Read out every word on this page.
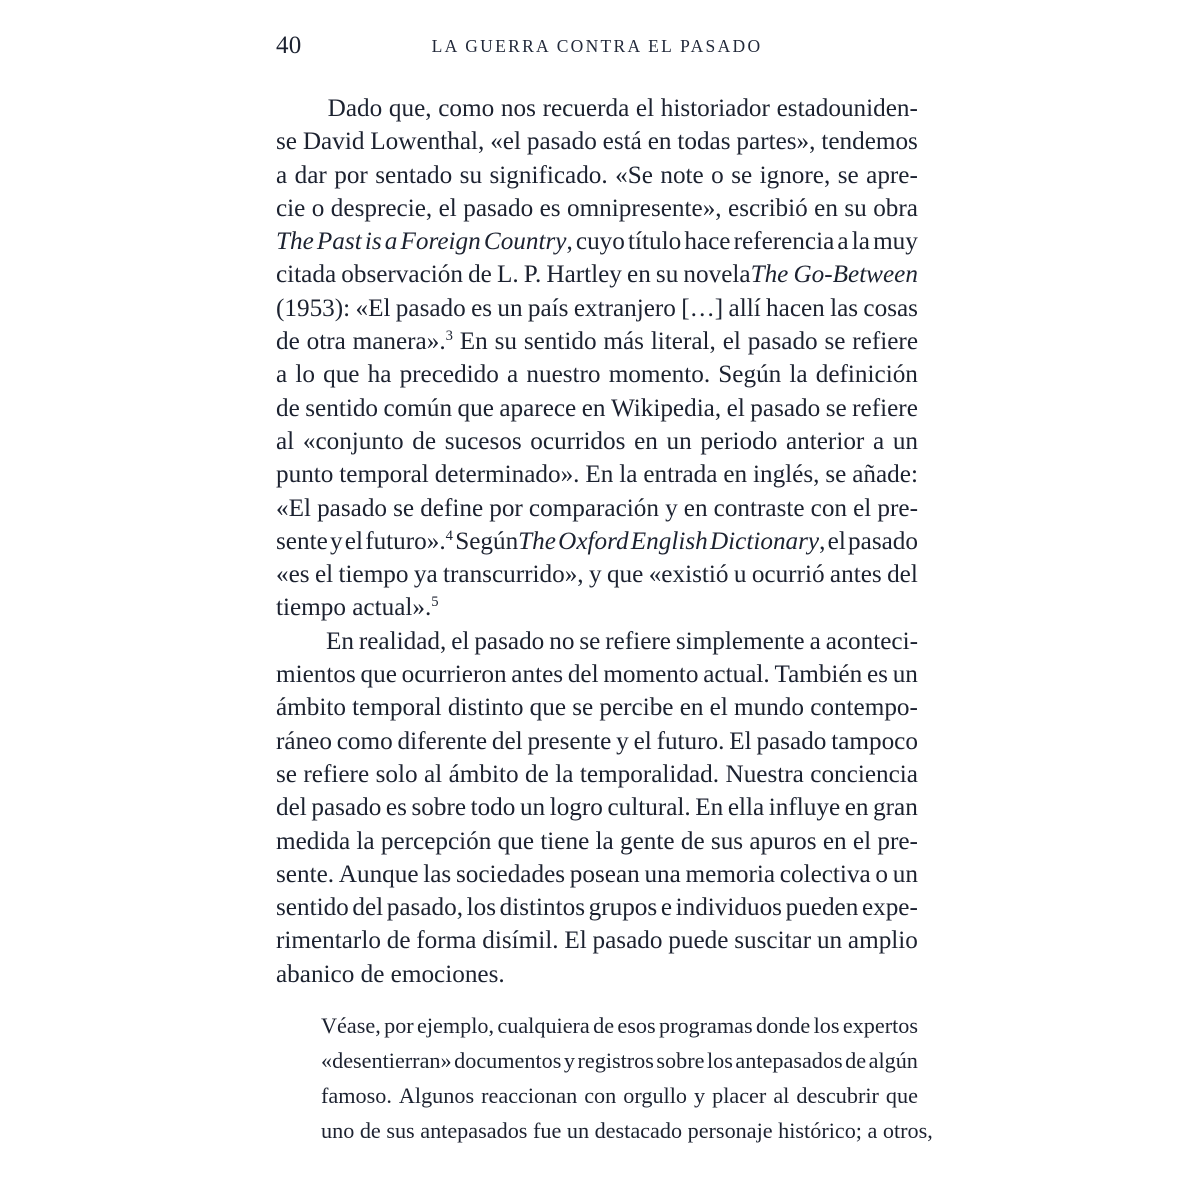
40	LA GUERRA CONTRA EL PASADO
Dado que, como nos recuerda el historiador estadouniden-
se David Lowenthal, «el pasado está en todas partes», tendemos
a dar por sentado su significado. «Se note o se ignore, se apre-
cie o desprecie, el pasado es omnipresente», escribió en su obra
The Past is a Foreign Country, cuyo título hace referencia a la muy
citada observación de L. P. Hartley en su novelaThe Go-Between
(1953): «El pasado es un país extranjero […] allí hacen las cosas
de otra manera».$^3$ En su sentido más literal, el pasado se refiere
a lo que ha precedido a nuestro momento. Según la definición
de sentido común que aparece en Wikipedia, el pasado se refiere
al «conjunto de sucesos ocurridos en un periodo anterior a un
punto temporal determinado». En la entrada en inglés, se añade:
«El pasado se define por comparación y en contraste con el pre-
sente y el futuro».$^4$ SegúnThe Oxford English Dictionary, el pasado
«es el tiempo ya transcurrido», y que «existió u ocurrió antes del
tiempo actual».$^5$
En realidad, el pasado no se refiere simplemente a aconteci-
mientos que ocurrieron antes del momento actual. También es un
ámbito temporal distinto que se percibe en el mundo contempo-
ráneo como diferente del presente y el futuro. El pasado tampoco
se refiere solo al ámbito de la temporalidad. Nuestra conciencia
del pasado es sobre todo un logro cultural. En ella influye en gran
medida la percepción que tiene la gente de sus apuros en el pre-
sente. Aunque las sociedades posean una memoria colectiva o un
sentido del pasado, los distintos grupos e individuos pueden expe-
rimentarlo de forma disímil. El pasado puede suscitar un amplio
abanico de emociones.
Véase, por ejemplo, cualquiera de esos programas donde los expertos
«desentierran» documentos y registros sobre los antepasados de algún
famoso. Algunos reaccionan con orgullo y placer al descubrir que
uno de sus antepasados fue un destacado personaje histórico; a otros,
